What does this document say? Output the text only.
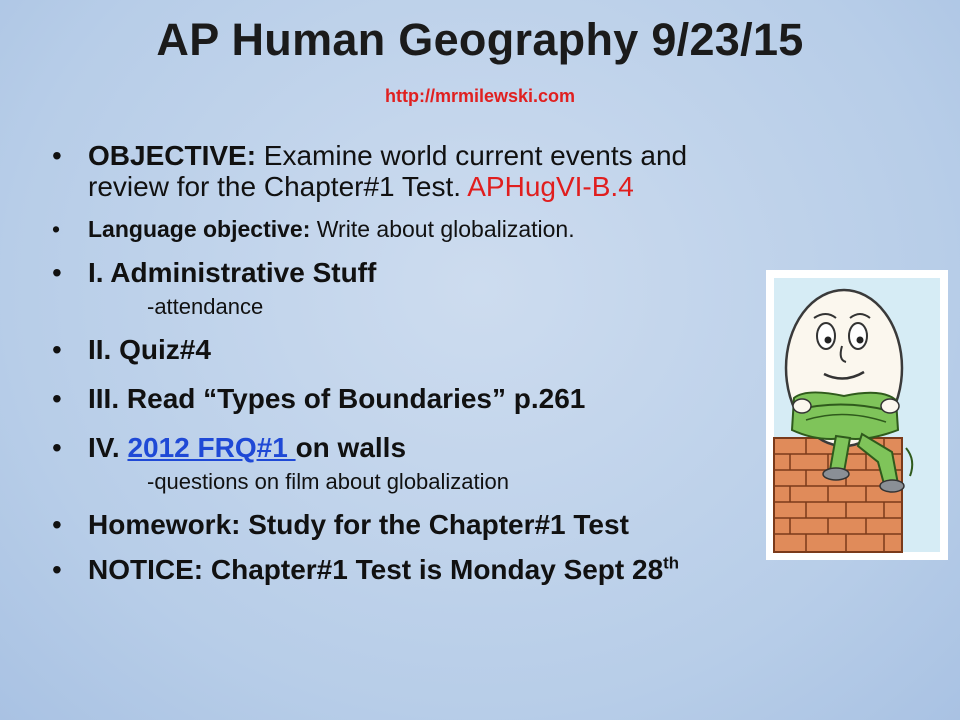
AP Human Geography 9/23/15
http://mrmilewski.com
• OBJECTIVE: Examine world current events and
review for the Chapter#1 Test. APHugVI-B.4
• Language objective: Write about globalization.
• I. Administrative Stuff
-attendance
• II. Quiz#4
• III. Read “Types of Boundaries” p.261
• IV. 2012 FRQ#1 on walls
-questions on film about globalization
• Homework: Study for the Chapter#1 Test
• NOTICE: Chapter#1 Test is Monday Sept 28th
